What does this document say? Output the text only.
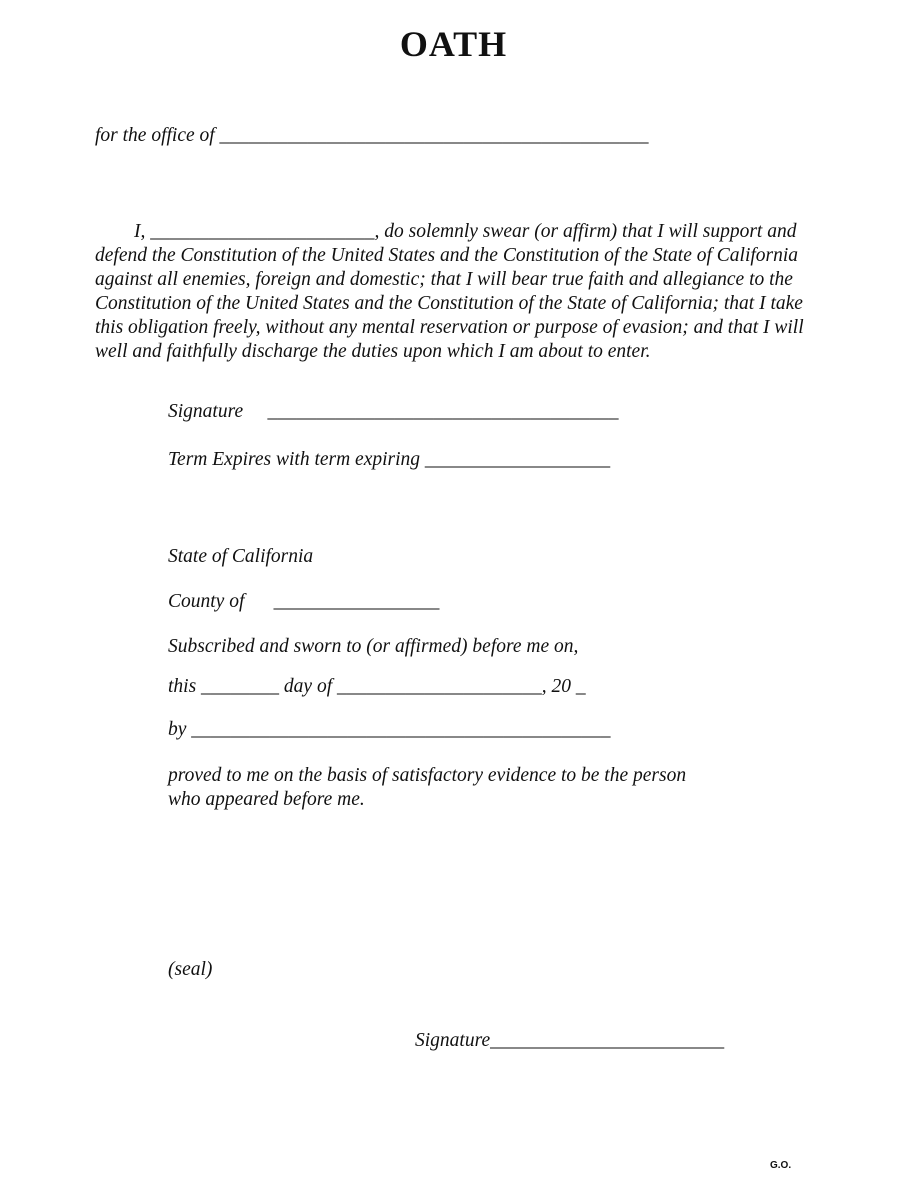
OATH
for the office of ____________________________________________
I, _______________________, do solemnly swear (or affirm) that I will support and
defend the Constitution of the United States and the Constitution of the State of California
against all enemies, foreign and domestic; that I will bear true faith and allegiance to the
Constitution of the United States and the Constitution of the State of California; that I take
this obligation freely, without any mental reservation or purpose of evasion; and that I will
well and faithfully discharge the duties upon which I am about to enter.
Signature     ____________________________________
Term Expires with term expiring ___________________
State of California
County of      _________________
Subscribed and sworn to (or affirmed) before me on,
this ________ day of _____________________, 20 _
by ___________________________________________
proved to me on the basis of satisfactory evidence to be the person
who appeared before me.
(seal)
Signature________________________
G.O.
